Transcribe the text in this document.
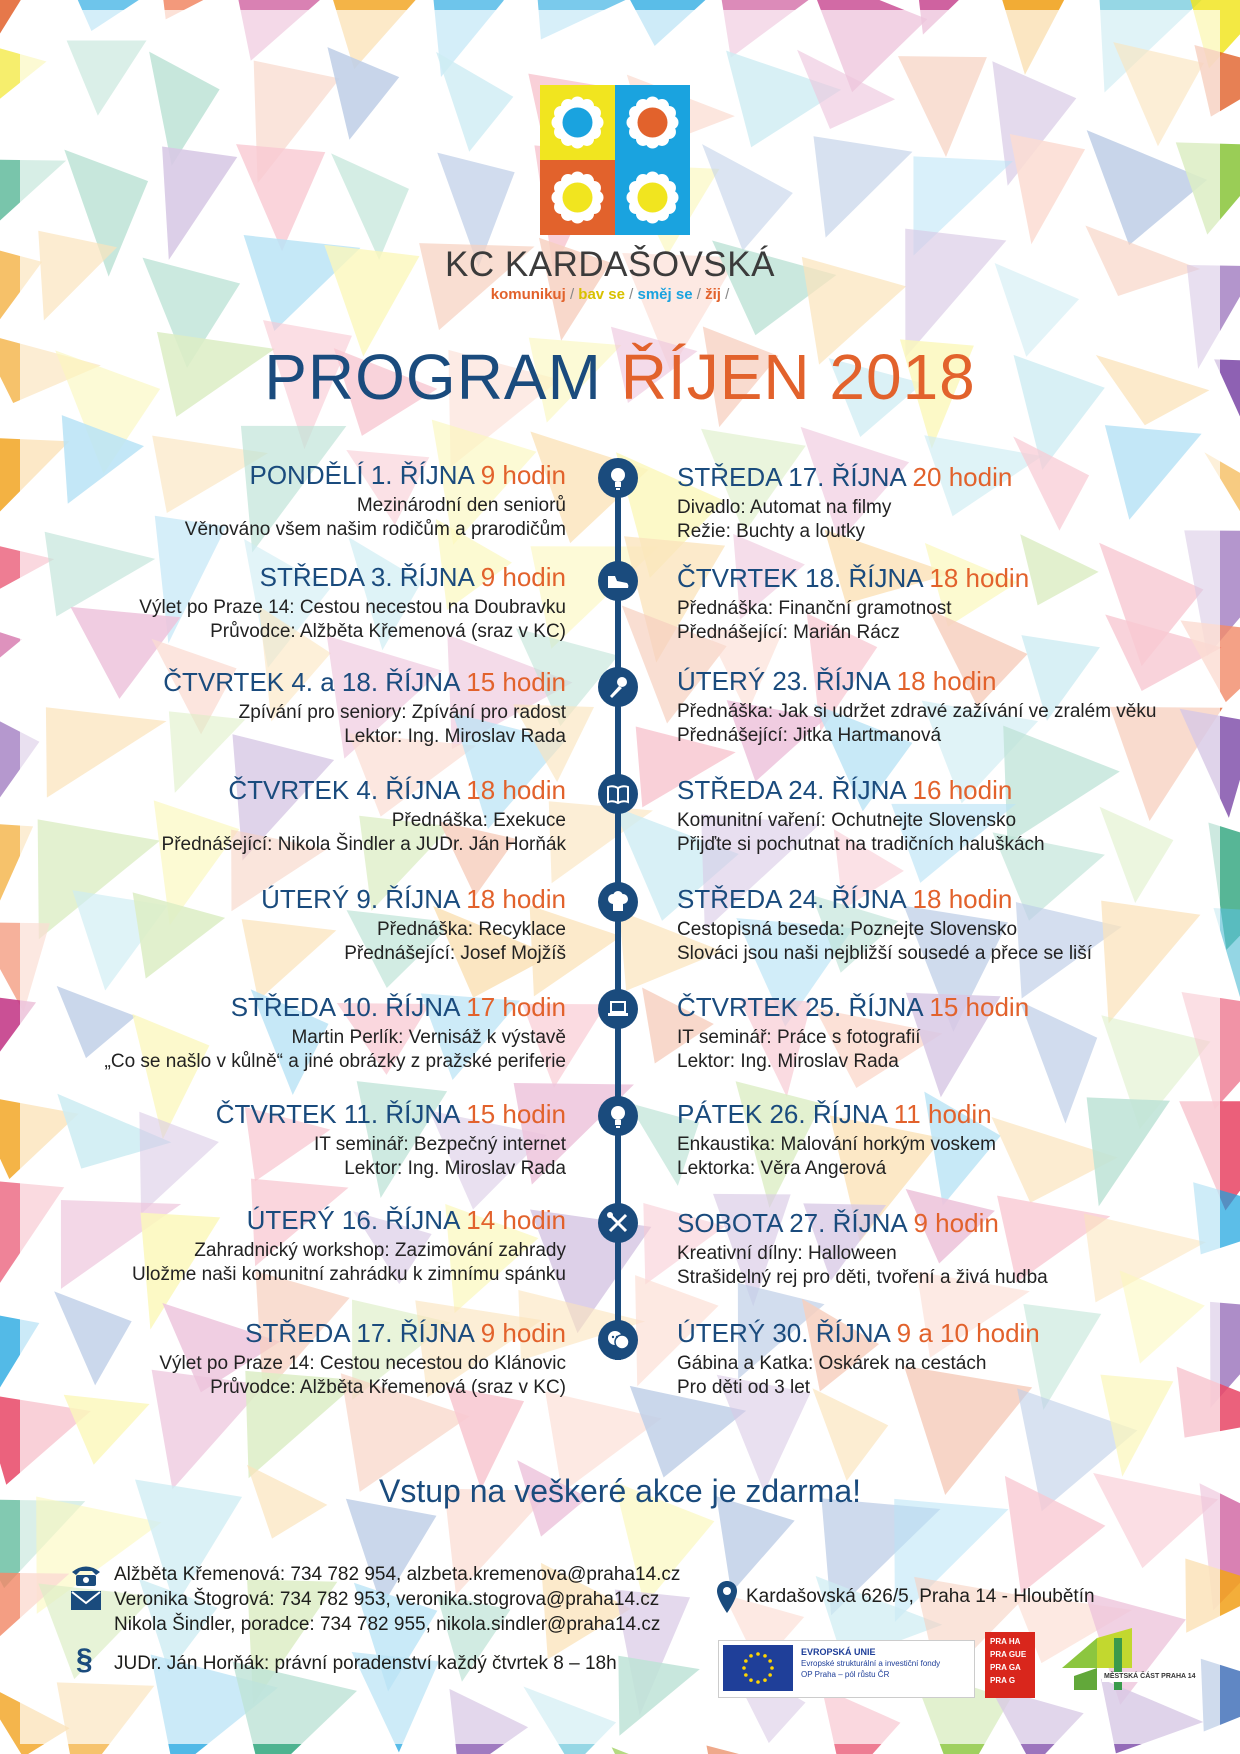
KC KARDAŠOVSKÁ
komunikuj / bav se / směj se / žij /
PROGRAM ŘÍJEN 2018
PONDĚLÍ 1. ŘÍJNA 9 hodin
Mezinárodní den seniorů
Věnováno všem našim rodičům a prarodičům
STŘEDA 3. ŘÍJNA 9 hodin
Výlet po Praze 14: Cestou necestou na Doubravku
Průvodce: Alžběta Křemenová (sraz v KC)
ČTVRTEK 4. a 18. ŘÍJNA 15 hodin
Zpívání pro seniory: Zpívání pro radost
Lektor: Ing. Miroslav Rada
ČTVRTEK 4. ŘÍJNA 18 hodin
Přednáška: Exekuce
Přednášející: Nikola Šindler a JUDr. Ján Horňák
ÚTERÝ 9. ŘÍJNA 18 hodin
Přednáška: Recyklace
Přednášející: Josef Mojžíš
STŘEDA 10. ŘÍJNA 17 hodin
Martin Perlík: Vernisáž k výstavě
„Co se našlo v kůlně“ a jiné obrázky z pražské periferie
ČTVRTEK 11. ŘÍJNA 15 hodin
IT seminář: Bezpečný internet
Lektor: Ing. Miroslav Rada
ÚTERÝ 16. ŘÍJNA 14 hodin
Zahradnický workshop: Zazimování zahrady
Uložme naši komunitní zahrádku k zimnímu spánku
STŘEDA 17. ŘÍJNA 9 hodin
Výlet po Praze 14: Cestou necestou do Klánovic
Průvodce: Alžběta Křemenová (sraz v KC)
STŘEDA 17. ŘÍJNA 20 hodin
Divadlo: Automat na filmy
Režie: Buchty a loutky
ČTVRTEK 18. ŘÍJNA 18 hodin
Přednáška: Finanční gramotnost
Přednášející: Marián Rácz
ÚTERÝ 23. ŘÍJNA 18 hodin
Přednáška: Jak si udržet zdravé zažívání ve zralém věku
Přednášející: Jitka Hartmanová
STŘEDA 24. ŘÍJNA 16 hodin
Komunitní vaření: Ochutnejte Slovensko
Přijďte si pochutnat na tradičních haluškách
STŘEDA 24. ŘÍJNA 18 hodin
Cestopisná beseda: Poznejte Slovensko
Slováci jsou naši nejbližší sousedé a přece se liší
ČTVRTEK 25. ŘÍJNA 15 hodin
IT seminář: Práce s fotografií
Lektor: Ing. Miroslav Rada
PÁTEK 26. ŘÍJNA 11 hodin
Enkaustika: Malování horkým voskem
Lektorka: Věra Angerová
SOBOTA 27. ŘÍJNA 9 hodin
Kreativní dílny: Halloween
Strašidelný rej pro děti, tvoření a živá hudba
ÚTERÝ 30. ŘÍJNA 9 a 10 hodin
Gábina a Katka: Oskárek na cestách
Pro děti od 3 let
Vstup na veškeré akce je zdarma!
Alžběta Křemenová: 734 782 954, alzbeta.kremenova@praha14.cz
Veronika Štogrová: 734 782 953, veronika.stogrova@praha14.cz
Nikola Šindler, poradce: 734 782 955, nikola.sindler@praha14.cz
§	JUDr. Ján Horňák: právní poradenství každý čtvrtek 8 – 18h
Kardašovská 626/5, Praha 14 - Hloubětín
EVROPSKÁ UNIE
Evropské strukturální a investiční fondy
OP Praha – pól růstu ČR
PRA HA
PRA GUE
PRA GA
PRA G	MĚSTSKÁ ČÁST PRAHA 14
